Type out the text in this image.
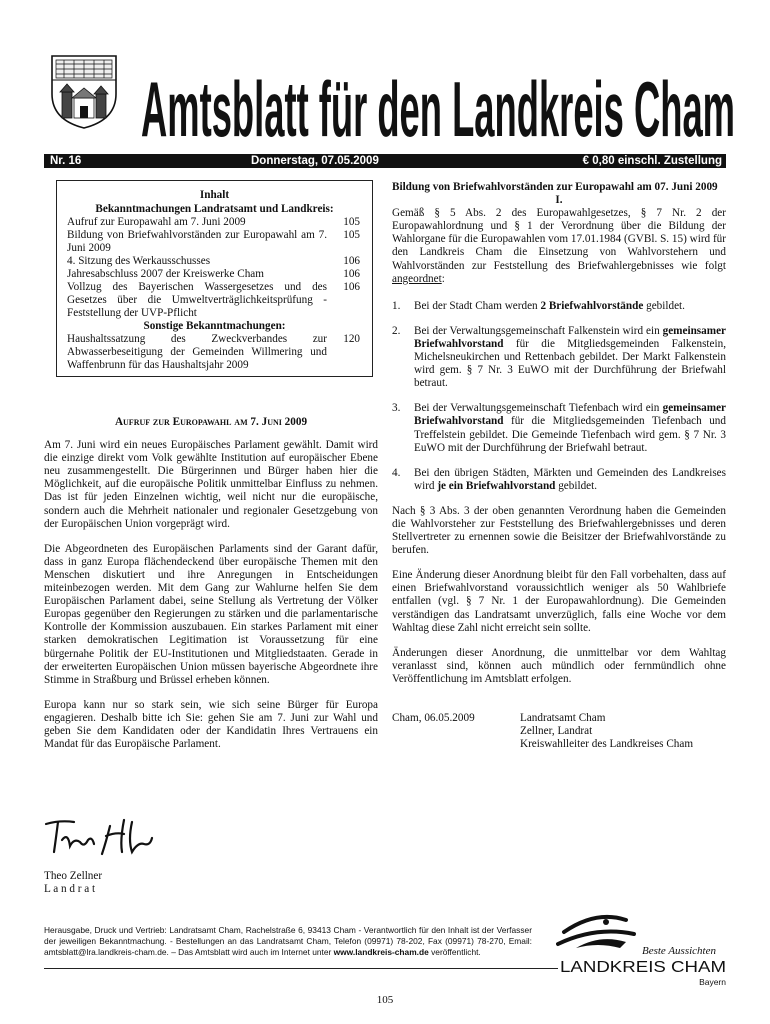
Amtsblatt für den Landkreis Cham
Nr. 16	Donnerstag, 07.05.2009	€ 0,80 einschl. Zustellung
Inhalt
Bekanntmachungen Landratsamt und Landkreis:
Aufruf zur Europawahl am 7. Juni 2009	105
Bildung von Briefwahlvorständen zur Europawahl am 7. Juni 2009
105
4. Sitzung des Werkausschusses	106
Jahresabschluss 2007 der Kreiswerke Cham	106
Vollzug des Bayerischen Wassergesetzes und des Gesetzes über die Umweltverträglichkeitsprüfung -Feststellung der UVP-Pflicht
106
Sonstige Bekanntmachungen:
Haushaltssatzung des Zweckverbandes zur Abwasserbeseitigung der Gemeinden Willmering und Waffenbrunn für das Haushaltsjahr 2009
120
Aufruf zur Europawahl am 7. Juni 2009

Am 7. Juni wird ein neues Europäisches Parlament gewählt. Damit wird die einzige direkt vom Volk gewählte Institution auf europäischer Ebene neu zusammengestellt. Die Bürgerinnen und Bürger haben hier die Möglichkeit, auf die europäische Politik unmittelbar Einfluss zu nehmen. Das ist für jeden Einzelnen wichtig, weil nicht nur die europäische, sondern auch die Mehrheit nationaler und regionaler Gesetzgebung von der Europäischen Union vorgeprägt wird.

Die Abgeordneten des Europäischen Parlaments sind der Garant dafür, dass in ganz Europa flächendeckend über europäische Themen mit den Menschen diskutiert und ihre Anregungen in Entscheidungen miteinbezogen werden. Mit dem Gang zur Wahlurne helfen Sie dem Europäischen Parlament dabei, seine Stellung als Vertretung der Völker Europas gegenüber den Regierungen zu stärken und die parlamentarische Kontrolle der Kommission auszubauen. Ein starkes Parlament mit einer starken demokratischen Legitimation ist Voraussetzung für eine bürgernahe Politik der EU-Institutionen und Mitgliedstaaten. Gerade in der erweiterten Europäischen Union müssen bayerische Abgeordnete ihre Stimme in Straßburg und Brüssel erheben können.

Europa kann nur so stark sein, wie sich seine Bürger für Europa engagieren. Deshalb bitte ich Sie: gehen Sie am 7. Juni zur Wahl und geben Sie dem Kandidaten oder der Kandidatin Ihres Vertrauens ein Mandat für das Europäische Parlament.

Theo Zellner
L a n d r a t
Bildung von Briefwahlvorständen zur Europawahl am 07. Juni 2009
I.

Gemäß § 5 Abs. 2 des Europawahlgesetzes, § 7 Nr. 2 der Europawahlordnung und § 1 der Verordnung über die Bildung der Wahlorgane für die Europawahlen vom 17.01.1984 (GVBl. S. 15) wird für den Landkreis Cham die Einsetzung von Wahlvorstehern und Wahlvorständen zur Feststellung des Briefwahlergebnisses wie folgt angeordnet:

1.	Bei der Stadt Cham werden 2 Briefwahlvorstände gebildet.
2.	Bei der Verwaltungsgemeinschaft Falkenstein wird ein gemeinsamer Briefwahlvorstand für die Mitgliedsgemeinden Falkenstein, Michelsneukirchen und Rettenbach gebildet. Der Markt Falkenstein wird gem. § 7 Nr. 3 EuWO mit der Durchführung der Briefwahl betraut.
3.	Bei der Verwaltungsgemeinschaft Tiefenbach wird ein gemeinsamer Briefwahlvorstand für die Mitgliedsgemeinden Tiefenbach und Treffelstein gebildet. Die Gemeinde Tiefenbach wird gem. § 7 Nr. 3 EuWO mit der Durchführung der Briefwahl betraut.
4.	Bei den übrigen Städten, Märkten und Gemeinden des Landkreises wird je ein Briefwahlvorstand gebildet.

Nach § 3 Abs. 3 der oben genannten Verordnung haben die Gemeinden die Wahlvorsteher zur Feststellung des Briefwahlergebnisses und deren Stellvertreter zu ernennen sowie die Beisitzer der Briefwahlvorstände zu berufen.

Eine Änderung dieser Anordnung bleibt für den Fall vorbehalten, dass auf einen Briefwahlvorstand voraussichtlich weniger als 50 Wahlbriefe entfallen (vgl. § 7 Nr. 1 der Europawahlordnung). Die Gemeinden verständigen das Landratsamt unverzüglich, falls eine Woche vor dem Wahltag diese Zahl nicht erreicht sein sollte.

Änderungen dieser Anordnung, die unmittelbar vor dem Wahltag veranlasst sind, können auch mündlich oder fernmündlich ohne Veröffentlichung im Amtsblatt erfolgen.

Cham, 06.05.2009	Landratsamt Cham
Zellner, Landrat
Kreiswahlleiter des Landkreises Cham
Herausgabe, Druck und Vertrieb: Landratsamt Cham, Rachelstraße 6, 93413 Cham - Verantwortlich für den Inhalt ist der Verfasser der jeweiligen Bekanntmachung. - Bestellungen an das Landratsamt Cham, Telefon (09971) 78-202, Fax (09971) 78-270, Email: amtsblatt@lra.landkreis-cham.de. – Das Amtsblatt wird auch im Internet unter www.landkreis-cham.de veröffentlicht.	Beste Aussichten
LANDKREIS CHAM
Bayern
105
